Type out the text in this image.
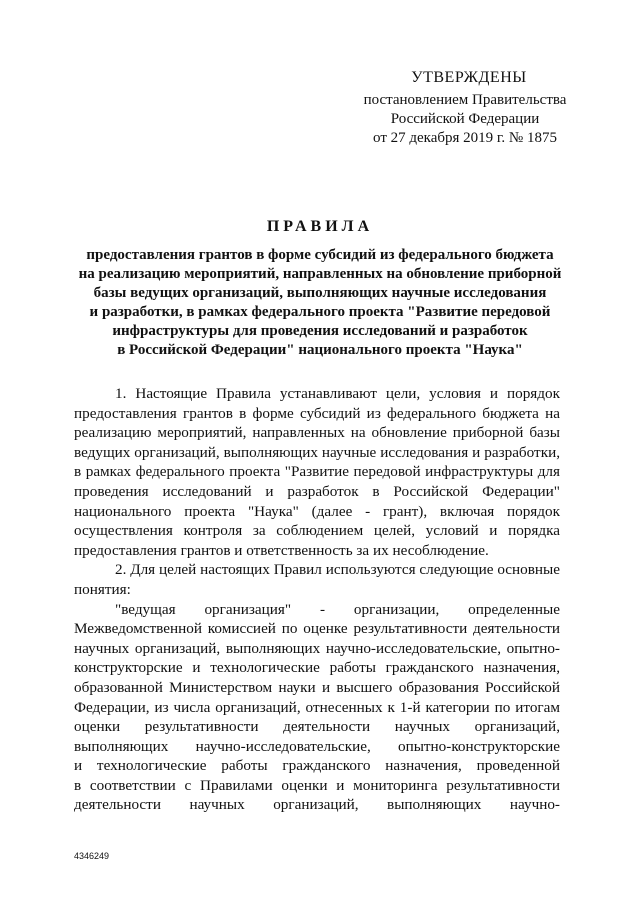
УТВЕРЖДЕНЫ
постановлением Правительства
Российской Федерации
от 27 декабря 2019 г. № 1875
ПРАВИЛА
предоставления грантов в форме субсидий из федерального бюджета
на реализацию мероприятий, направленных на обновление приборной
базы ведущих организаций, выполняющих научные исследования
и разработки, в рамках федерального проекта "Развитие передовой
инфраструктуры для проведения исследований и разработок
в Российской Федерации" национального проекта "Наука"
1. Настоящие Правила устанавливают цели, условия и порядок
предоставления грантов в форме субсидий из федерального бюджета на
реализацию мероприятий, направленных на обновление приборной базы
ведущих организаций, выполняющих научные исследования и разработки,
в рамках федерального проекта "Развитие передовой инфраструктуры для
проведения исследований и разработок в Российской Федерации"
национального проекта "Наука" (далее - грант), включая порядок
осуществления контроля за соблюдением целей, условий и порядка
предоставления грантов и ответственность за их несоблюдение.
2. Для целей настоящих Правил используются следующие основные
понятия:
"ведущая организация" - организации, определенные
Межведомственной комиссией по оценке результативности деятельности
научных организаций, выполняющих научно-исследовательские, опытно-
конструкторские и технологические работы гражданского назначения,
образованной Министерством науки и высшего образования Российской
Федерации, из числа организаций, отнесенных к 1-й категории по итогам
оценки результативности деятельности научных организаций,
выполняющих научно-исследовательские, опытно-конструкторские
и технологические работы гражданского назначения, проведенной
в соответствии с Правилами оценки и мониторинга результативности
деятельности научных организаций, выполняющих научно-
4346249
